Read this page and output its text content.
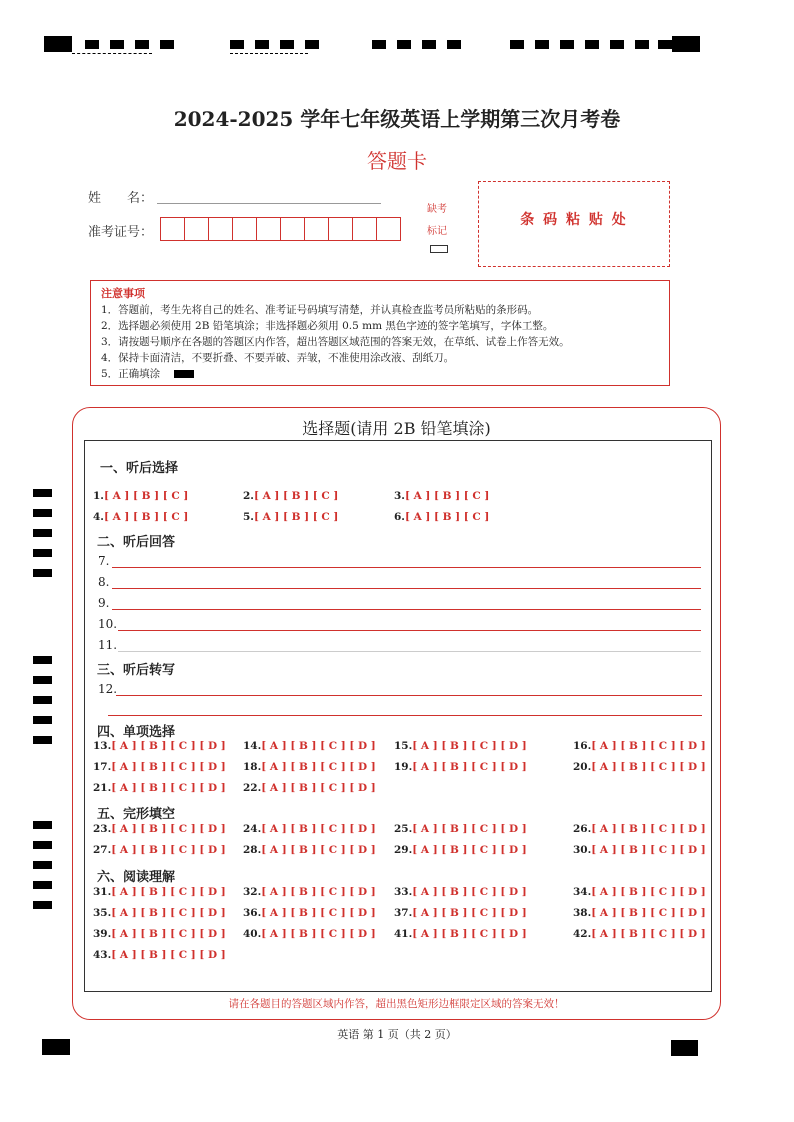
2024-2025 学年七年级英语上学期第三次月考卷
答题卡
姓　　名：
准考证号：
缺考
标记
条 码 粘 贴 处
注意事项
1．答题前，考生先将自己的姓名、准考证号码填写清楚，并认真检查监考员所粘贴的条形码。
2．选择题必须使用 2B 铅笔填涂；非选择题必须用 0.5 mm 黑色字迹的签字笔填写，字体工整。
3．请按题号顺序在各题的答题区内作答，超出答题区域范围的答案无效，在草纸、试卷上作答无效。
4．保持卡面清洁，不要折叠、不要弄破、弄皱，不准使用涂改液、刮纸刀。
5．正确填涂
选择题(请用 2B 铅笔填涂)
一、听后选择
1.[ A ] [ B ] [ C ]	2.[ A ] [ B ] [ C ]	3.[ A ] [ B ] [ C ]
4.[ A ] [ B ] [ C ]	5.[ A ] [ B ] [ C ]	6.[ A ] [ B ] [ C ]
二、听后回答
7.
8.
9.
10.
11.
三、听后转写
12.
四、单项选择
13.[ A ] [ B ] [ C ] [ D ] 14.[ A ] [ B ] [ C ] [ D ] 15.[ A ] [ B ] [ C ] [ D ]	16.[ A ] [ B ] [ C ] [ D ]
17.[ A ] [ B ] [ C ] [ D ] 18.[ A ] [ B ] [ C ] [ D ] 19.[ A ] [ B ] [ C ] [ D ]	20.[ A ] [ B ] [ C ] [ D ]
21.[ A ] [ B ] [ C ] [ D ] 22.[ A ] [ B ] [ C ] [ D ]
五、完形填空
23.[ A ] [ B ] [ C ] [ D ] 24.[ A ] [ B ] [ C ] [ D ] 25.[ A ] [ B ] [ C ] [ D ]	26.[ A ] [ B ] [ C ] [ D ]
27.[ A ] [ B ] [ C ] [ D ] 28.[ A ] [ B ] [ C ] [ D ] 29.[ A ] [ B ] [ C ] [ D ]	30.[ A ] [ B ] [ C ] [ D ]
六、阅读理解
31.[ A ] [ B ] [ C ] [ D ] 32.[ A ] [ B ] [ C ] [ D ] 33.[ A ] [ B ] [ C ] [ D ]	34.[ A ] [ B ] [ C ] [ D ]
35.[ A ] [ B ] [ C ] [ D ] 36.[ A ] [ B ] [ C ] [ D ] 37.[ A ] [ B ] [ C ] [ D ]	38.[ A ] [ B ] [ C ] [ D ]
39.[ A ] [ B ] [ C ] [ D ] 40.[ A ] [ B ] [ C ] [ D ] 41.[ A ] [ B ] [ C ] [ D ]	42.[ A ] [ B ] [ C ] [ D ]
43.[ A ] [ B ] [ C ] [ D ]
请在各题目的答题区域内作答，超出黑色矩形边框限定区域的答案无效！
英语 第 1 页（共 2 页）
